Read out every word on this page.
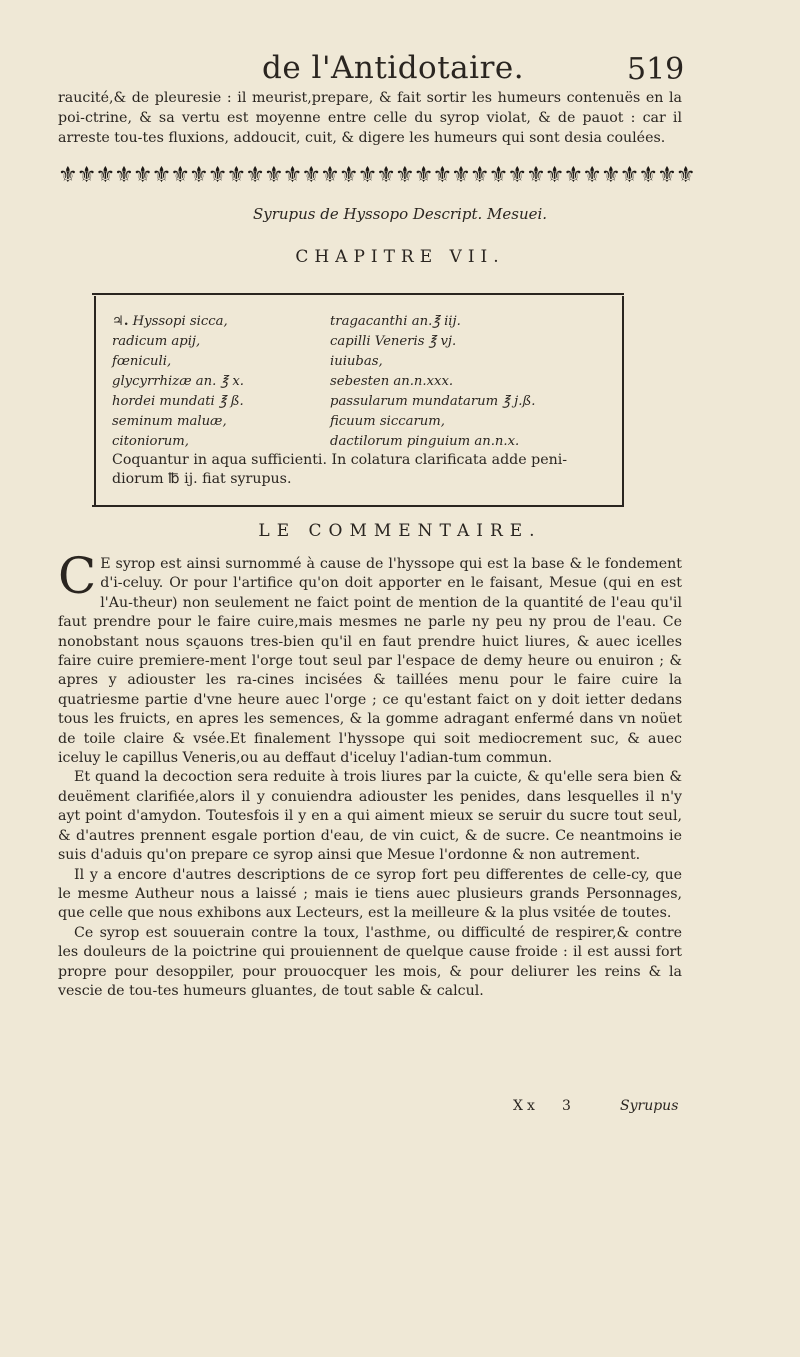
de l'Antidotaire.	519

raucité,& de pleuresie : il meurist,prepare, & fait sortir les humeurs contenuës en la poi-ctrine, & sa vertu est moyenne entre celle du syrop violat, & de pauot : car il arreste tou-tes fluxions, addoucit, cuit, & digere les humeurs qui sont desia coulées.

⚜⚜⚜⚜⚜⚜⚜⚜⚜⚜⚜⚜⚜⚜⚜⚜⚜⚜⚜⚜⚜⚜⚜⚜⚜⚜⚜⚜⚜⚜⚜⚜⚜⚜
Syrupus de Hyssopo Descript. Mesuei.
CHAPITRE VII.
♃. Hyssopi sicca,	tragacanthi an.℥ iij.
radicum apij,	capilli Veneris ℥ vj.
fœniculi,	iuiubas,
glycyrrhizæ an. ℥ x.	sebesten an.n.xxx.
hordei mundati ℥ ß.	passularum mundatarum ℥ j.ß.
seminum maluæ,	ficuum siccarum,
citoniorum,	dactilorum pinguium an.n.x.
Coquantur in aqua sufficienti. In colatura clarificata adde peni-diorum ℔ ij. fiat syrupus.
LE COMMENTAIRE.

C E syrop est ainsi surnommé à cause de l'hyssope qui est la base & le fondement d'i-celuy. Or pour l'artifice qu'on doit apporter en le faisant, Mesue (qui en est l'Au-theur) non seulement ne faict point de mention de la quantité de l'eau qu'il faut prendre pour le faire cuire,mais mesmes ne parle ny peu ny prou de l'eau. Ce nonobstant nous sçauons tres-bien qu'il en faut prendre huict liures, & auec icelles faire cuire premiere-ment l'orge tout seul par l'espace de demy heure ou enuiron ; & apres y adiouster les ra-cines incisées & taillées menu pour le faire cuire la quatriesme partie d'vne heure auec l'orge ; ce qu'estant faict on y doit ietter dedans tous les fruicts, en apres les semences, & la gomme adragant enfermé dans vn noüet de toile claire & vsée.Et finalement l'hyssope qui soit mediocrement suc, & auec iceluy le capillus Veneris,ou au deffaut d'iceluy l'adian-tum commun.

Et quand la decoction sera reduite à trois liures par la cuicte, & qu'elle sera bien & deuëment clarifiée,alors il y conuiendra adiouster les penides, dans lesquelles il n'y ayt point d'amydon. Toutesfois il y en a qui aiment mieux se seruir du sucre tout seul, & d'autres prennent esgale portion d'eau, de vin cuict, & de sucre. Ce neantmoins ie suis d'aduis qu'on prepare ce syrop ainsi que Mesue l'ordonne & non autrement.

Il y a encore d'autres descriptions de ce syrop fort peu differentes de celle-cy, que le mesme Autheur nous a laissé ; mais ie tiens auec plusieurs grands Personnages, que celle que nous exhibons aux Lecteurs, est la meilleure & la plus vsitée de toutes.

Ce syrop est souuerain contre la toux, l'asthme, ou difficulté de respirer,& contre les douleurs de la poictrine qui prouiennent de quelque cause froide : il est aussi fort propre pour desoppiler, pour prouocquer les mois, & pour deliurer les reins & la vescie de tou-tes humeurs gluantes, de tout sable & calcul.

Xx 3	Syrupus
